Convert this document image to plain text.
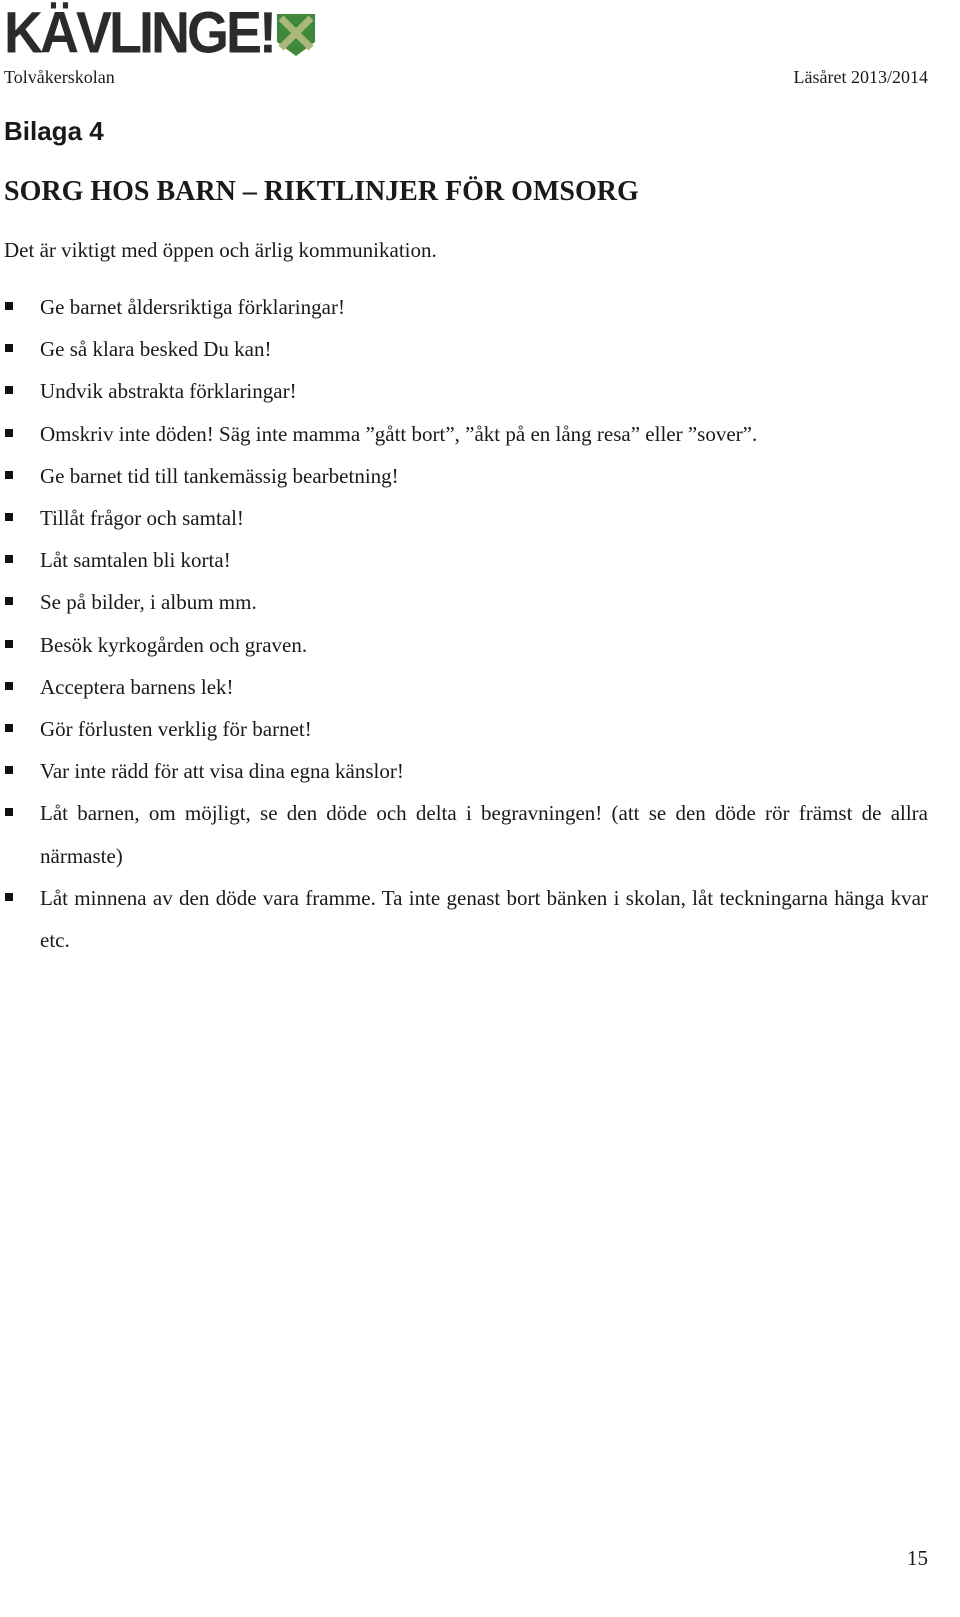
KÄVLINGE!
Tolvåkerskolan	Läsåret 2013/2014
Bilaga 4
SORG HOS BARN – RIKTLINJER FÖR OMSORG

Det är viktigt med öppen och ärlig kommunikation.

Ge barnet åldersriktiga förklaringar!
Ge så klara besked Du kan!
Undvik abstrakta förklaringar!
Omskriv inte döden! Säg inte mamma ”gått bort”, ”åkt på en lång resa” eller ”sover”.
Ge barnet tid till tankemässig bearbetning!
Tillåt frågor och samtal!
Låt samtalen bli korta!
Se på bilder, i album mm.
Besök kyrkogården och graven.
Acceptera barnens lek!
Gör förlusten verklig för barnet!
Var inte rädd för att visa dina egna känslor!
Låt barnen, om möjligt, se den döde och delta i begravningen! (att se den döde rör främst de allra närmaste)
Låt minnena av den döde vara framme. Ta inte genast bort bänken i skolan, låt teckningarna hänga kvar etc.
15
